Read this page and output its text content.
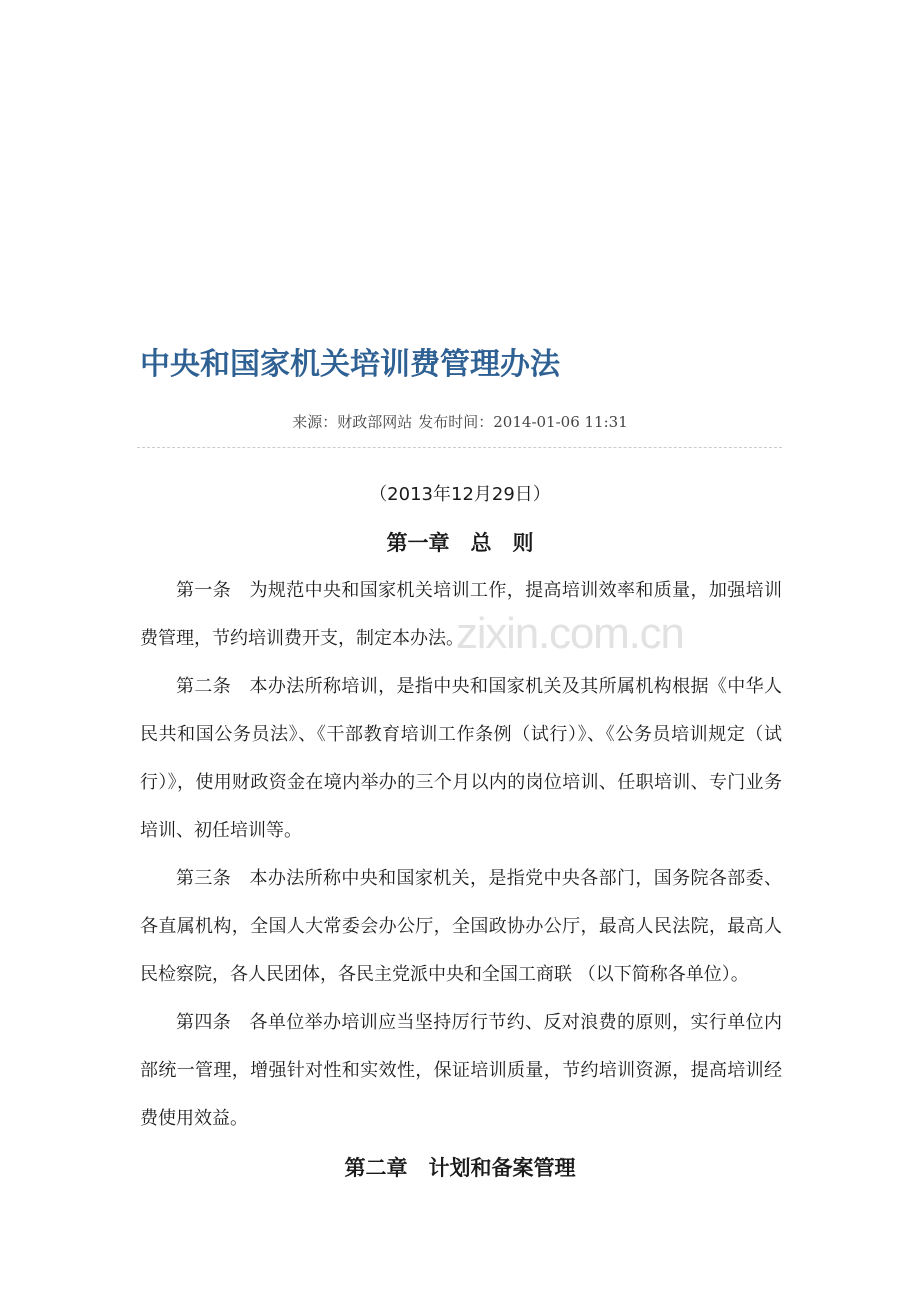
zixin.com.cn
中央和国家机关培训费管理办法
来源：财政部网站 发布时间：2014-01-06 11:31
（2013年12月29日）
第一章　总　则

第一条　为规范中央和国家机关培训工作，提高培训效率和质量，加强培训费管理，节约培训费开支，制定本办法。

第二条　本办法所称培训，是指中央和国家机关及其所属机构根据《中华人民共和国公务员法》、《干部教育培训工作条例（试行）》、《公务员培训规定（试行）》，使用财政资金在境内举办的三个月以内的岗位培训、任职培训、专门业务培训、初任培训等。

第三条　本办法所称中央和国家机关，是指党中央各部门，国务院各部委、各直属机构，全国人大常委会办公厅，全国政协办公厅，最高人民法院，最高人民检察院，各人民团体，各民主党派中央和全国工商联 （以下简称各单位）。

第四条　各单位举办培训应当坚持厉行节约、反对浪费的原则，实行单位内部统一管理，增强针对性和实效性，保证培训质量，节约培训资源，提高培训经费使用效益。

第二章　计划和备案管理
